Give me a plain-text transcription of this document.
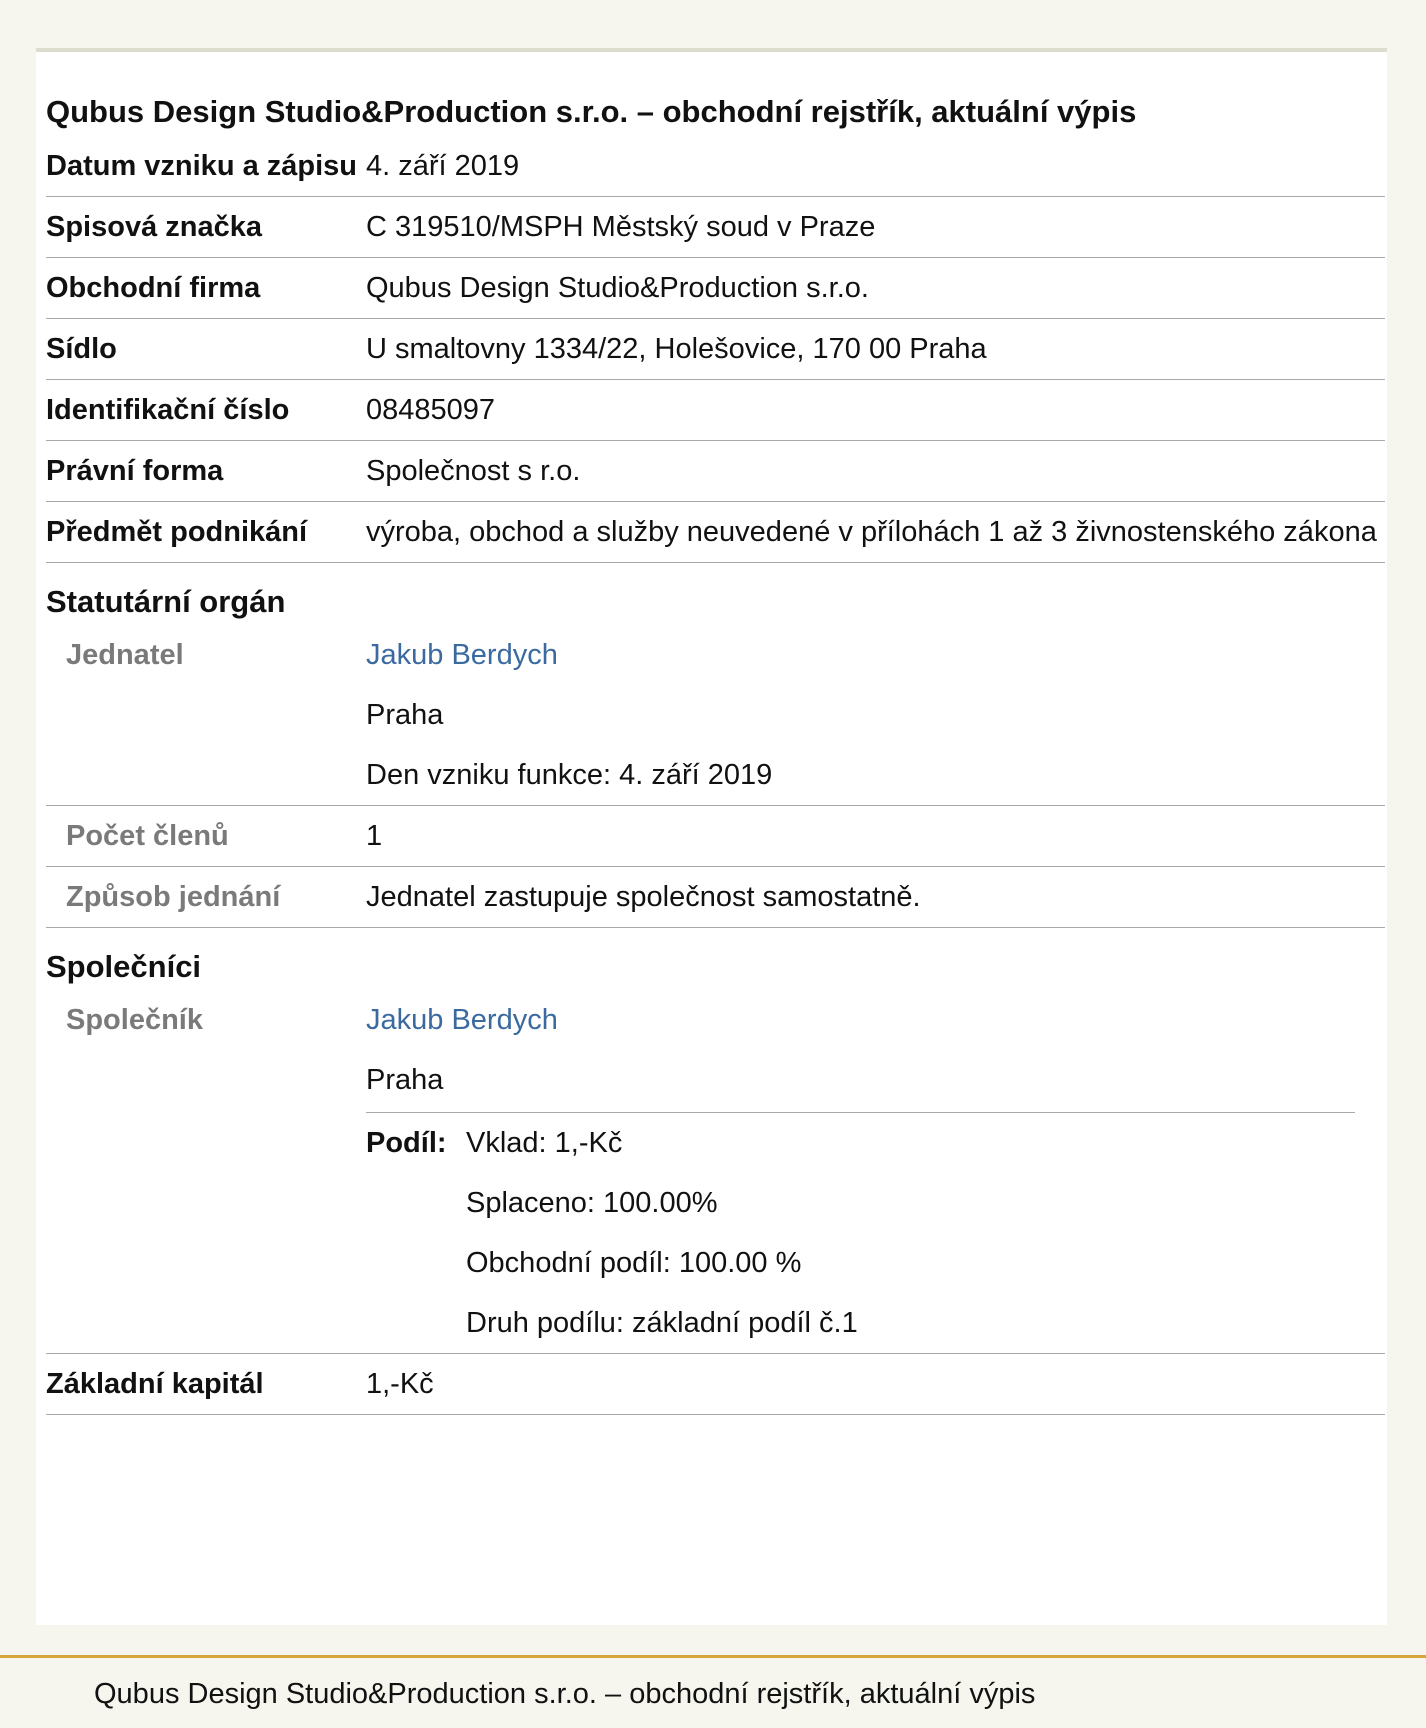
Qubus Design Studio&Production s.r.o. – obchodní rejstřík, aktuální výpis
Datum vzniku a zápisu 4. září 2019
Spisová značka	C 319510/MSPH Městský soud v Praze
Obchodní firma	Qubus Design Studio&Production s.r.o.
Sídlo	U smaltovny 1334/22, Holešovice, 170 00 Praha
Identifikační číslo	08485097
Právní forma	Společnost s r.o.
Předmět podnikání	výroba, obchod a služby neuvedené v přílohách 1 až 3 živnostenského zákona
Statutární orgán
Jednatel	Jakub Berdych
Praha
Den vzniku funkce: 4. září 2019
Počet členů	1
Způsob jednání	Jednatel zastupuje společnost samostatně.
Společníci
Společník	Jakub Berdych
Praha
Podíl: Vklad: 1,-Kč
Splaceno: 100.00%
Obchodní podíl: 100.00 %
Druh podílu: základní podíl č.1
Základní kapitál	1,-Kč
Qubus Design Studio&Production s.r.o. – obchodní rejstřík, aktuální výpis
